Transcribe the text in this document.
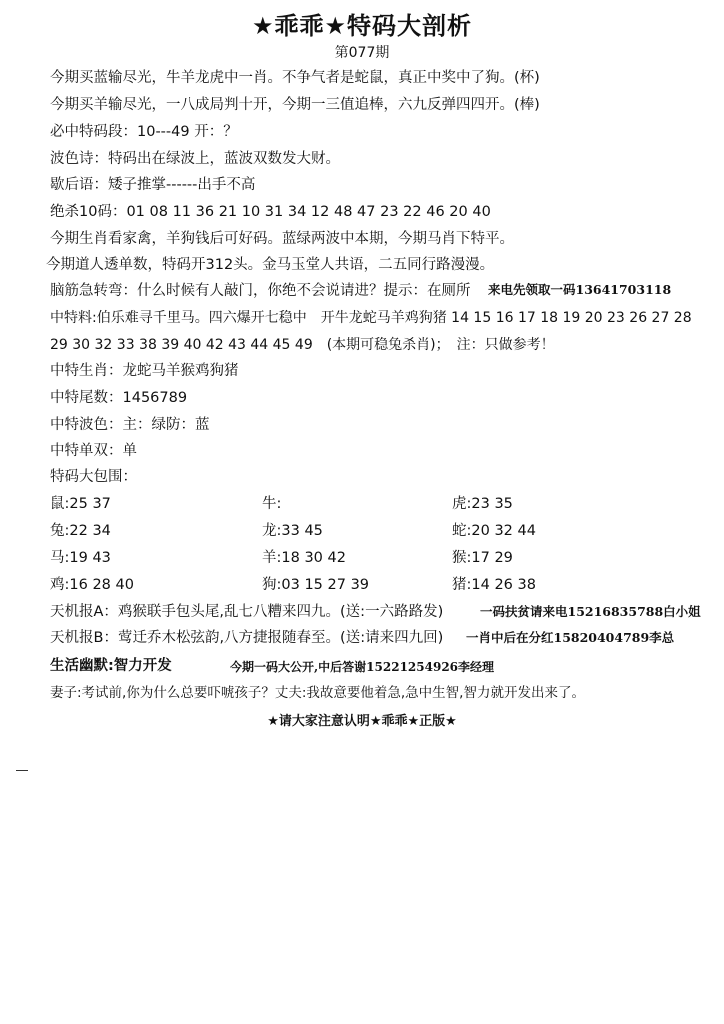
★乖乖★特码大剖析
第077期
今期买蓝输尽光，牛羊龙虎中一肖。不争气者是蛇鼠，真正中奖中了狗。(杯)
今期买羊输尽光，一八成局判十开，今期一三值追棒，六九反弹四四开。(棒)
必中特码段：10---49 开：？
波色诗：特码出在绿波上，蓝波双数发大财。
歇后语：矮子推掌------出手不高
绝杀10码：01 08 11 36 21 10 31 34 12 48 47 23 22 46 20 40
今期生肖看家禽，羊狗钱后可好码。蓝绿两波中本期，今期马肖下特平。
今期道人透单数，特码开312头。金马玉堂人共语，二五同行路漫漫。
脑筋急转弯：什么时候有人敲门，你绝不会说请进？提示：在厕所 来电先领取一码13641703118
中特料:伯乐难寻千里马。四六爆开七稳中　开牛龙蛇马羊鸡狗猪 14 15 16 17 18 19 20 23 26 27 28
29 30 32 33 38 39 40 42 43 44 45 49　(本期可稳兔杀肖)；　注：只做参考！
中特生肖：龙蛇马羊猴鸡狗猪
中特尾数：1456789
中特波色：主：绿防：蓝
中特单双：单
特码大包围：
鼠:25 37	牛:	虎:23 35
兔:22 34	龙:33 45	蛇:20 32 44
马:19 43	羊:18 30 42	猴:17 29
鸡:16 28 40	狗:03 15 27 39	猪:14 26 38
天机报A：鸡猴联手包头尾,乱七八糟来四九。(送:一六路路发)	一码扶贫请来电15216835788白小姐
天机报B：莺迁乔木松弦韵,八方捷报随春至。(送:请来四九回) 一肖中后在分红15820404789李总
生活幽默:智力开发	今期一码大公开,中后答谢15221254926李经理
妻子:考试前,你为什么总要吓唬孩子？丈夫:我故意要他着急,急中生智,智力就开发出来了。
★请大家注意认明★乖乖★正版★
